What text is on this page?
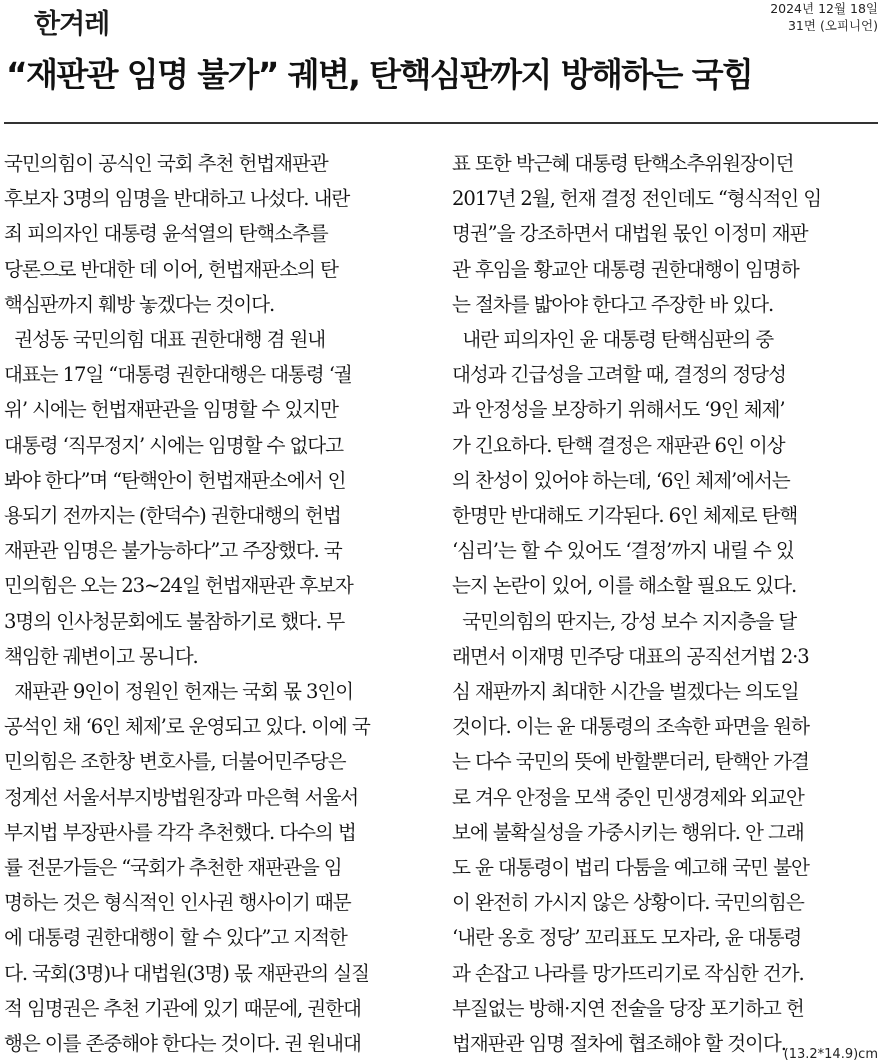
한겨레
2024년 12월 18일
31면 (오피니언)
“재판관 임명 불가” 궤변, 탄핵심판까지 방해하는 국힘

국민의힘이 공식인 국회 추천 헌법재판관
후보자 3명의 임명을 반대하고 나섰다. 내란
죄 피의자인 대통령 윤석열의 탄핵소추를
당론으로 반대한 데 이어, 헌법재판소의 탄
핵심판까지 훼방 놓겠다는 것이다.

권성동 국민의힘 대표 권한대행 겸 원내
대표는 17일 “대통령 권한대행은 대통령 ‘궐
위’ 시에는 헌법재판관을 임명할 수 있지만
대통령 ‘직무정지’ 시에는 임명할 수 없다고
봐야 한다”며 “탄핵안이 헌법재판소에서 인
용되기 전까지는 (한덕수) 권한대행의 헌법
재판관 임명은 불가능하다”고 주장했다. 국
민의힘은 오는 23~24일 헌법재판관 후보자
3명의 인사청문회에도 불참하기로 했다. 무
책임한 궤변이고 몽니다.

재판관 9인이 정원인 헌재는 국회 몫 3인이
공석인 채 ‘6인 체제’로 운영되고 있다. 이에 국
민의힘은 조한창 변호사를, 더불어민주당은
정계선 서울서부지방법원장과 마은혁 서울서
부지법 부장판사를 각각 추천했다. 다수의 법
률 전문가들은 “국회가 추천한 재판관을 임
명하는 것은 형식적인 인사권 행사이기 때문
에 대통령 권한대행이 할 수 있다”고 지적한
다. 국회(3명)나 대법원(3명) 몫 재판관의 실질
적 임명권은 추천 기관에 있기 때문에, 권한대
행은 이를 존중해야 한다는 것이다. 권 원내대

표 또한 박근혜 대통령 탄핵소추위원장이던
2017년 2월, 헌재 결정 전인데도 “형식적인 임
명권”을 강조하면서 대법원 몫인 이정미 재판
관 후임을 황교안 대통령 권한대행이 임명하
는 절차를 밟아야 한다고 주장한 바 있다.

내란 피의자인 윤 대통령 탄핵심판의 중
대성과 긴급성을 고려할 때, 결정의 정당성
과 안정성을 보장하기 위해서도 ‘9인 체제’
가 긴요하다. 탄핵 결정은 재판관 6인 이상
의 찬성이 있어야 하는데, ‘6인 체제’에서는
한명만 반대해도 기각된다. 6인 체제로 탄핵
‘심리’는 할 수 있어도 ‘결정’까지 내릴 수 있
는지 논란이 있어, 이를 해소할 필요도 있다.

국민의힘의 딴지는, 강성 보수 지지층을 달
래면서 이재명 민주당 대표의 공직선거법 2·3
심 재판까지 최대한 시간을 벌겠다는 의도일
것이다. 이는 윤 대통령의 조속한 파면을 원하
는 다수 국민의 뜻에 반할뿐더러, 탄핵안 가결
로 겨우 안정을 모색 중인 민생경제와 외교안
보에 불확실성을 가중시키는 행위다. 안 그래
도 윤 대통령이 법리 다툼을 예고해 국민 불안
이 완전히 가시지 않은 상황이다. 국민의힘은
‘내란 옹호 정당’ 꼬리표도 모자라, 윤 대통령
과 손잡고 나라를 망가뜨리기로 작심한 건가.
부질없는 방해·지연 전술을 당장 포기하고 헌
법재판관 임명 절차에 협조해야 할 것이다.

(13.2*14.9)cm
